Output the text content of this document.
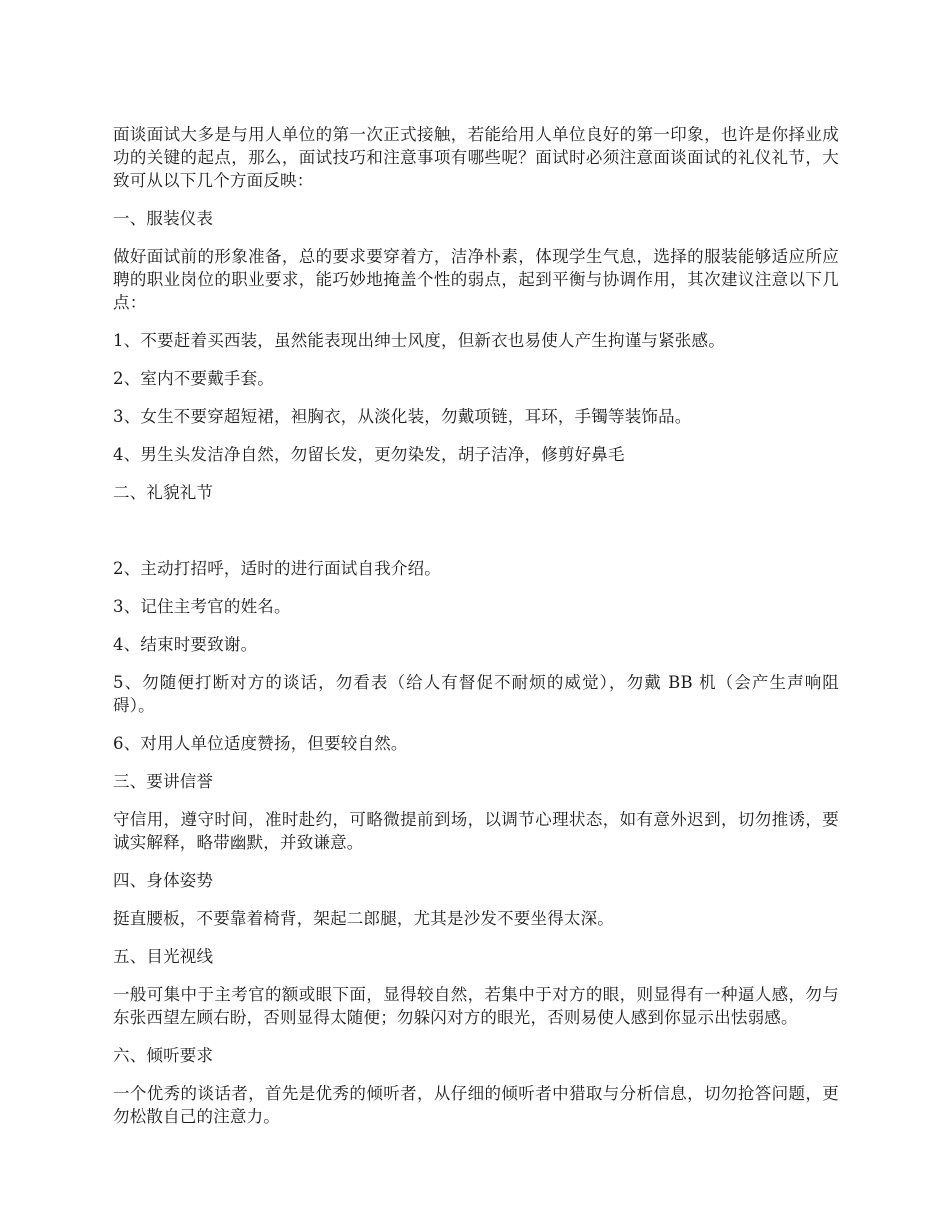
面谈面试大多是与用人单位的第一次正式接触，若能给用人单位良好的第一印象，也许是你择业成功的关键的起点，那么，面试技巧和注意事项有哪些呢？面试时必须注意面谈面试的礼仪礼节，大致可从以下几个方面反映：

一、服装仪表

做好面试前的形象准备，总的要求要穿着方，洁净朴素，体现学生气息，选择的服装能够适应所应聘的职业岗位的职业要求，能巧妙地掩盖个性的弱点，起到平衡与协调作用，其次建议注意以下几点：

1、不要赶着买西装，虽然能表现出绅士风度，但新衣也易使人产生拘谨与紧张感。

2、室内不要戴手套。

3、女生不要穿超短裙，袒胸衣，从淡化装，勿戴项链，耳环，手镯等装饰品。

4、男生头发洁净自然，勿留长发，更勿染发，胡子洁净，修剪好鼻毛

二、礼貌礼节

2、主动打招呼，适时的进行面试自我介绍。

3、记住主考官的姓名。

4、结束时要致谢。

5、勿随便打断对方的谈话，勿看表（给人有督促不耐烦的威觉），勿戴 BB 机（会产生声响阻碍）。

6、对用人单位适度赞扬，但要较自然。

三、要讲信誉

守信用，遵守时间，准时赴约，可略微提前到场，以调节心理状态，如有意外迟到，切勿推诱，要诚实解释，略带幽默，并致谦意。

四、身体姿势

挺直腰板，不要靠着椅背，架起二郎腿，尤其是沙发不要坐得太深。

五、目光视线

一般可集中于主考官的额或眼下面，显得较自然，若集中于对方的眼，则显得有一种逼人感，勿与东张西望左顾右盼，否则显得太随便；勿躲闪对方的眼光，否则易使人感到你显示出怯弱感。

六、倾听要求

一个优秀的谈话者，首先是优秀的倾听者，从仔细的倾听者中猎取与分析信息，切勿抢答问题，更勿松散自己的注意力。
